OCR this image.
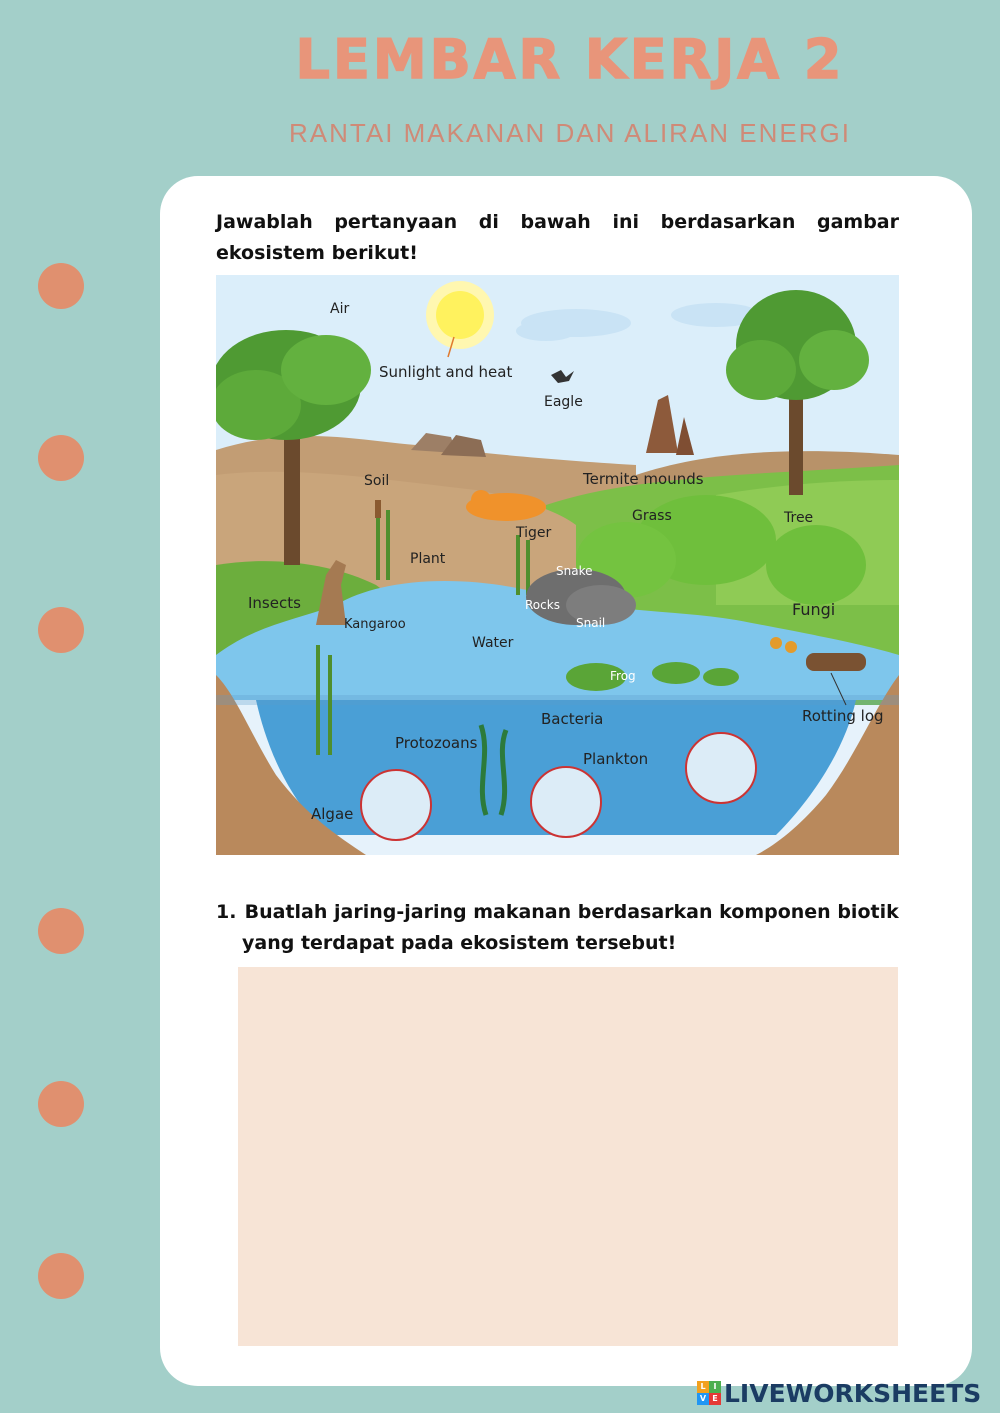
LEMBAR KERJA 2
RANTAI MAKANAN DAN ALIRAN ENERGI
Jawablah pertanyaan di bawah ini berdasarkan gambar ekosistem berikut!
Air
Sunlight and heat
Eagle
Soil	Termite mounds
Grass	Tree
Tiger
Plant
Snake
Insects	Rocks
Snail
Fungi
Kangaroo
Water
Frog
Bacteria	Rotting log
Protozoans
Plankton
Algae
1. Buatlah jaring-jaring makanan berdasarkan komponen biotik
yang terdapat pada ekosistem tersebut!
L I
V E LIVEWORKSHEETS
